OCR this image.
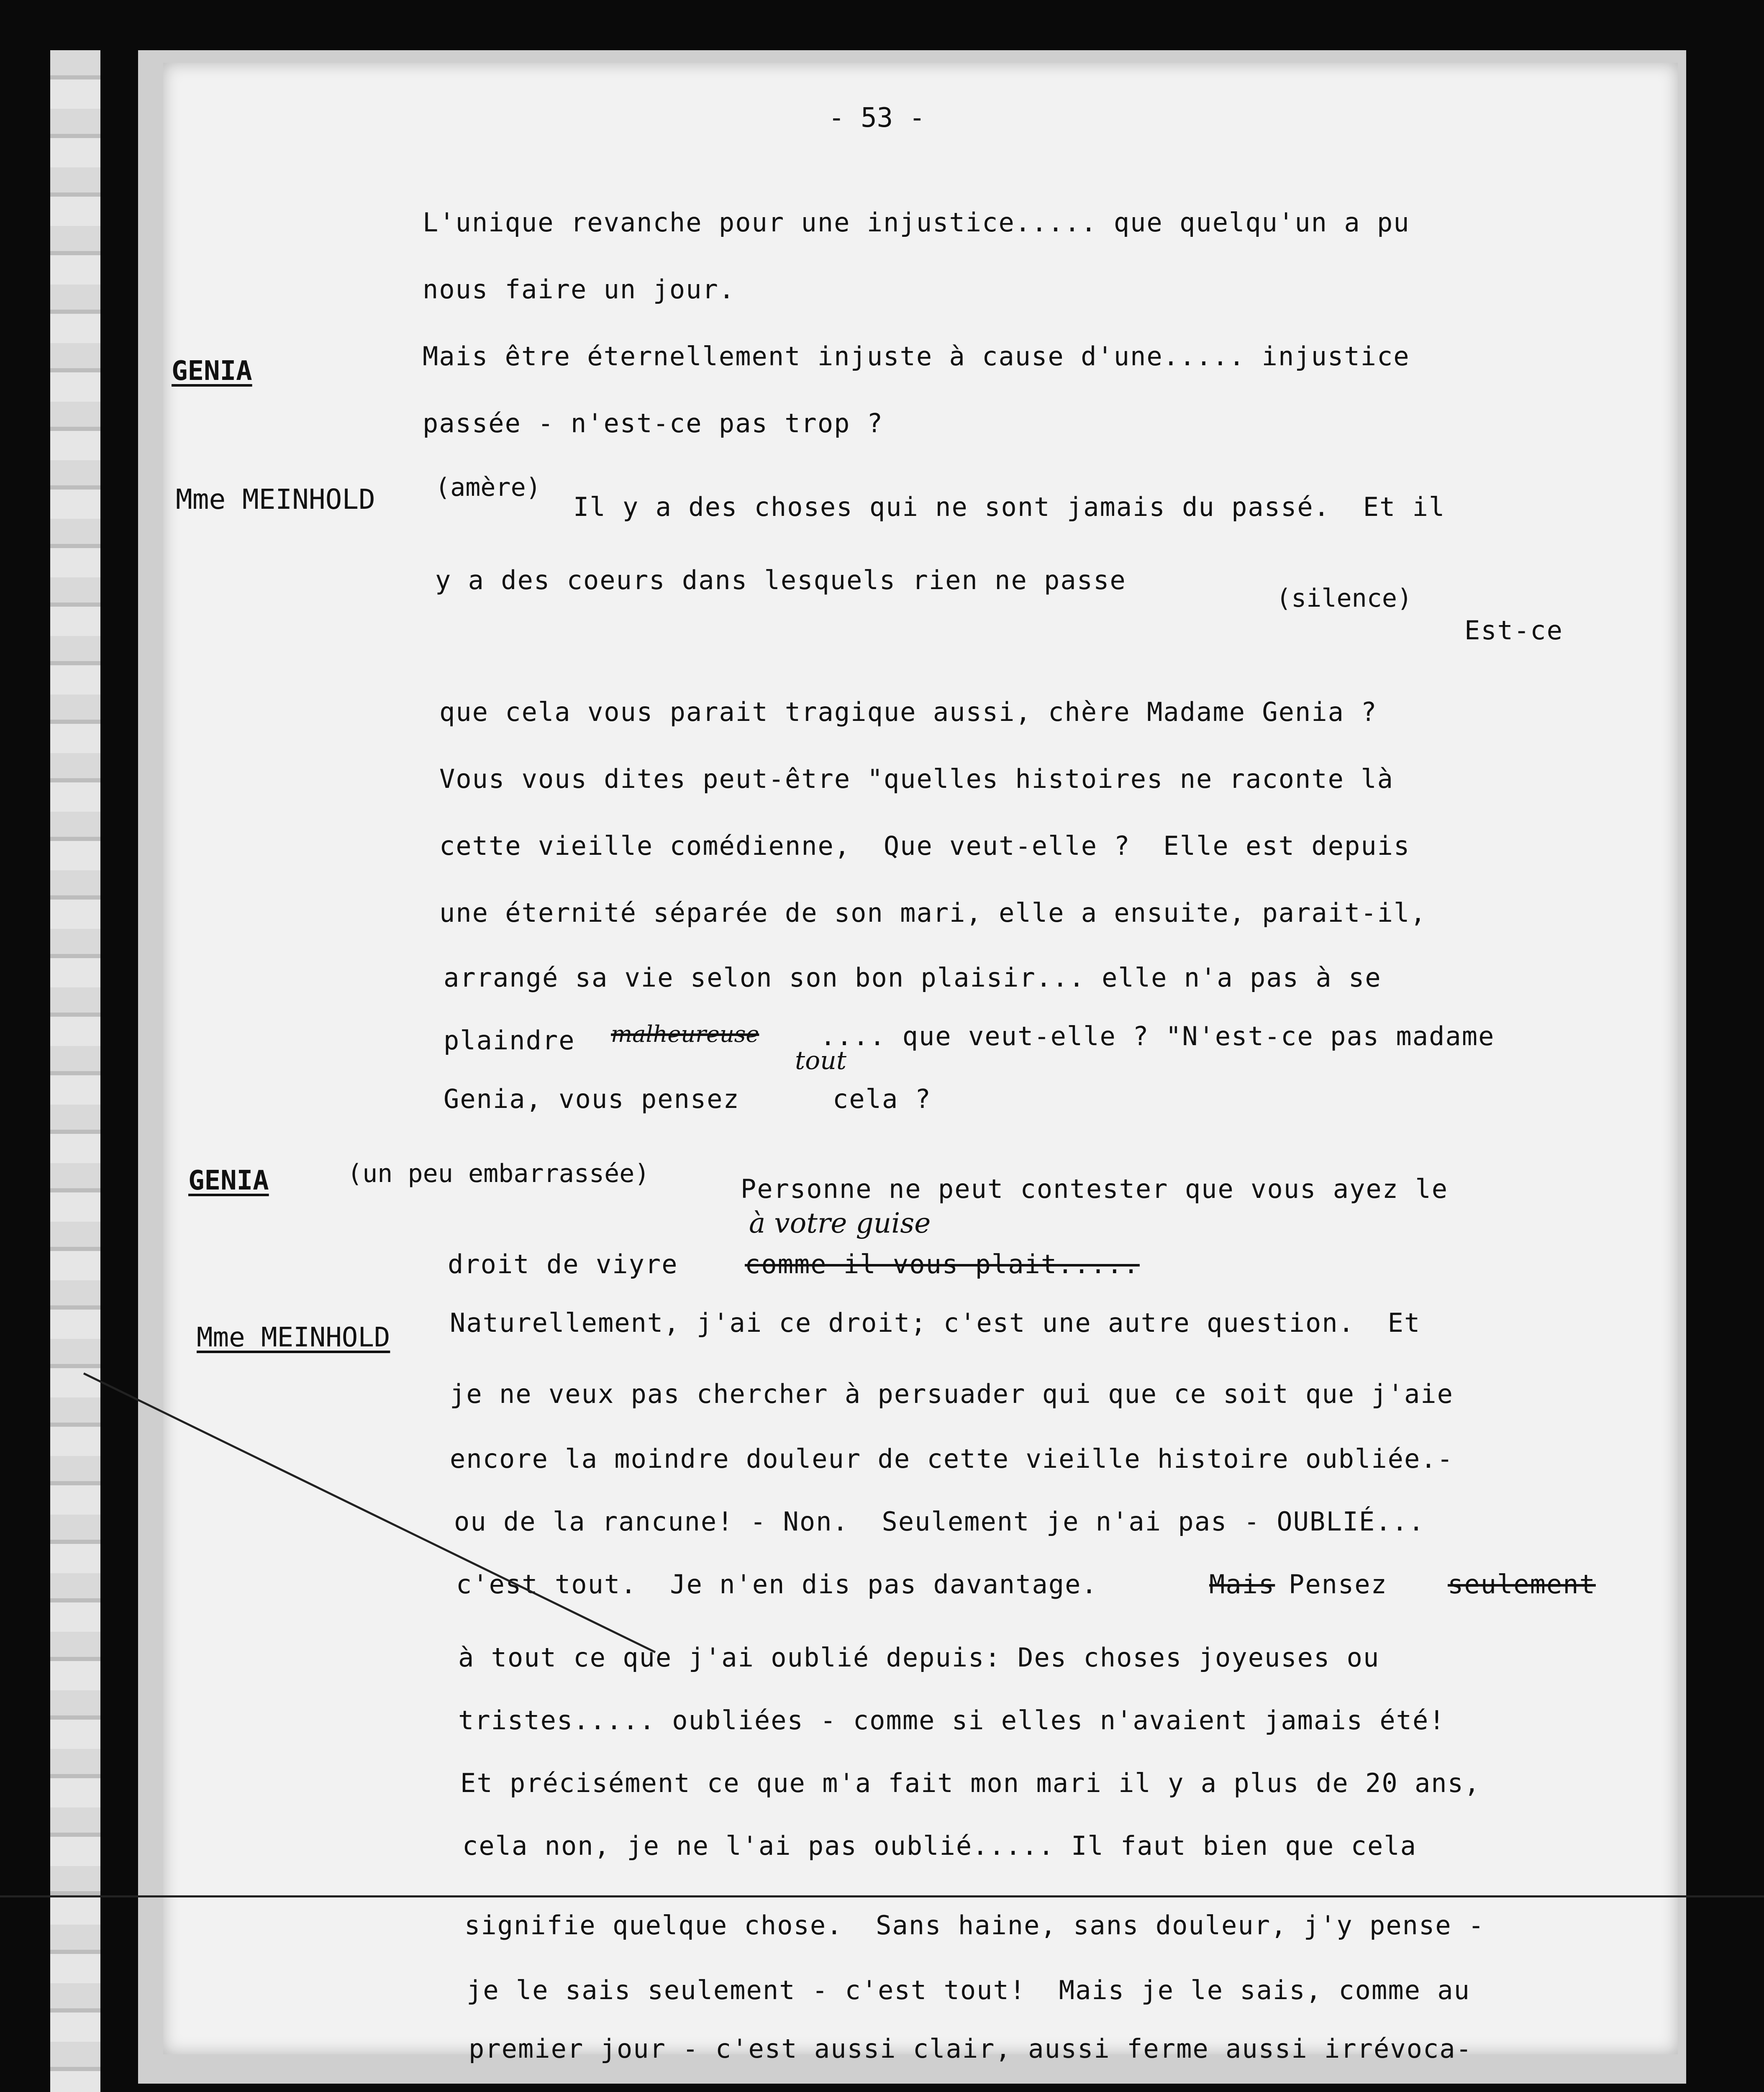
- 53 -
L'unique revanche pour une injustice..... que quelqu'un a pu
nous faire un jour.
GENIA	Mais être éternellement injuste à cause d'une..... injustice
passée - n'est-ce pas trop ?
Mme MEINHOLD (amère)
Il y a des choses qui ne sont jamais du passé.  Et il
y a des coeurs dans lesquels rien ne passe
(silence)
Est-ce
que cela vous parait tragique aussi, chère Madame Genia ?
Vous vous dites peut-être "quelles histoires ne raconte là
cette vieille comédienne,  Que veut-elle ?  Elle est depuis
une éternité séparée de son mari, elle a ensuite, parait-il,
arrangé sa vie selon son bon plaisir... elle n'a pas à se
plaindre malheureuse .... que veut-elle ? "N'est-ce pas madame
tout
Genia, vous pensez	cela ?
GENIA	(un peu embarrassée)	Personne ne peut contester que vous ayez le
à votre guise
droit de viyre	comme il vous plait.....
Mme MEINHOLD Naturellement, j'ai ce droit; c'est une autre question.  Et
je ne veux pas chercher à persuader qui que ce soit que j'aie
encore la moindre douleur de cette vieille histoire oubliée.-
ou de la rancune! - Non.  Seulement je n'ai pas - OUBLIÉ...
c'est tout.  Je n'en dis pas davantage.	Mais Pensez seulement
à tout ce que j'ai oublié depuis: Des choses joyeuses ou
tristes..... oubliées - comme si elles n'avaient jamais été!
Et précisément ce que m'a fait mon mari il y a plus de 20 ans,
cela non, je ne l'ai pas oublié..... Il faut bien que cela
signifie quelque chose.  Sans haine, sans douleur, j'y pense -
je le sais seulement - c'est tout!  Mais je le sais, comme au
premier jour - c'est aussi clair, aussi ferme aussi irrévoca-
